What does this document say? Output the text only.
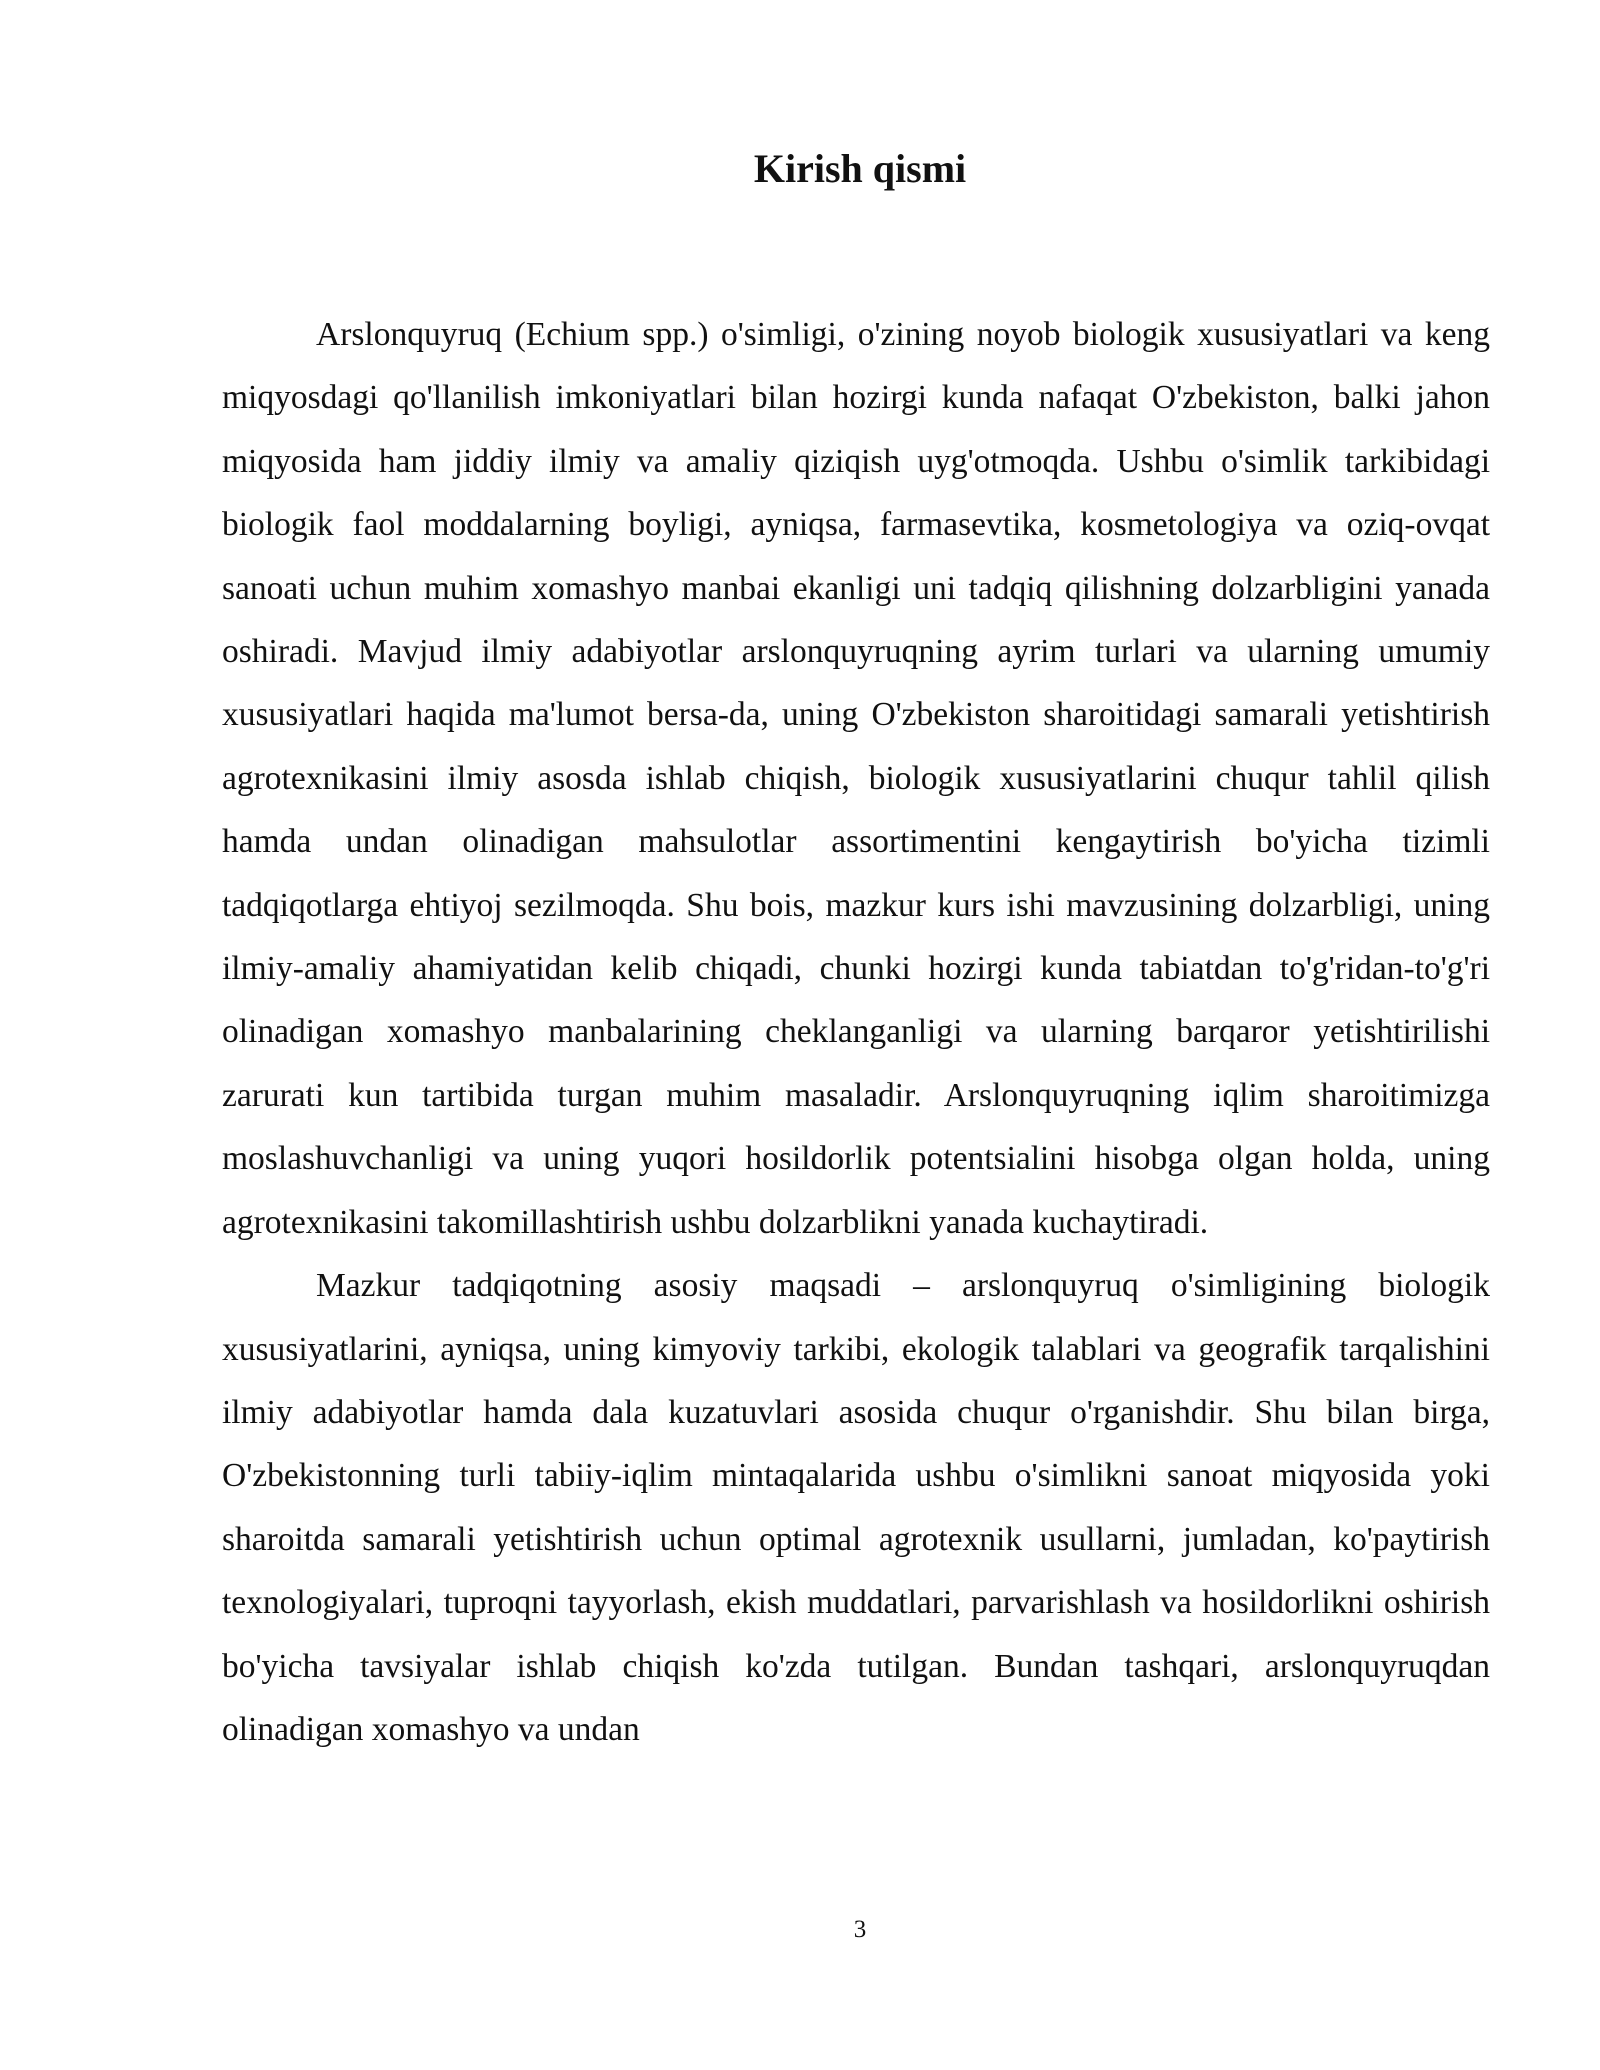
Kirish qismi

Arslonquyruq (Echium spp.) o'simligi, o'zining noyob biologik xususiyatlari va keng miqyosdagi qo'llanilish imkoniyatlari bilan hozirgi kunda nafaqat O'zbekiston, balki jahon miqyosida ham jiddiy ilmiy va amaliy qiziqish uyg'otmoqda. Ushbu o'simlik tarkibidagi biologik faol moddalarning boyligi, ayniqsa, farmasevtika, kosmetologiya va oziq-ovqat sanoati uchun muhim xomashyo manbai ekanligi uni tadqiq qilishning dolzarbligini yanada oshiradi. Mavjud ilmiy adabiyotlar arslonquyruqning ayrim turlari va ularning umumiy xususiyatlari haqida ma'lumot bersa-da, uning O'zbekiston sharoitidagi samarali yetishtirish agrotexnikasini ilmiy asosda ishlab chiqish, biologik xususiyatlarini chuqur tahlil qilish hamda undan olinadigan mahsulotlar assortimentini kengaytirish bo'yicha tizimli tadqiqotlarga ehtiyoj sezilmoqda. Shu bois, mazkur kurs ishi mavzusining dolzarbligi, uning ilmiy-amaliy ahamiyatidan kelib chiqadi, chunki hozirgi kunda tabiatdan to'g'ridan-to'g'ri olinadigan xomashyo manbalarining cheklanganligi va ularning barqaror yetishtirilishi zarurati kun tartibida turgan muhim masaladir. Arslonquyruqning iqlim sharoitimizga moslashuvchanligi va uning yuqori hosildorlik potentsialini hisobga olgan holda, uning agrotexnikasini takomillashtirish ushbu dolzarblikni yanada kuchaytiradi.

Mazkur tadqiqotning asosiy maqsadi – arslonquyruq o'simligining biologik xususiyatlarini, ayniqsa, uning kimyoviy tarkibi, ekologik talablari va geografik tarqalishini ilmiy adabiyotlar hamda dala kuzatuvlari asosida chuqur o'rganishdir. Shu bilan birga, O'zbekistonning turli tabiiy-iqlim mintaqalarida ushbu o'simlikni sanoat miqyosida yoki sharoitda samarali yetishtirish uchun optimal agrotexnik usullarni, jumladan, ko'paytirish texnologiyalari, tuproqni tayyorlash, ekish muddatlari, parvarishlash va hosildorlikni oshirish bo'yicha tavsiyalar ishlab chiqish ko'zda tutilgan. Bundan tashqari, arslonquyruqdan olinadigan xomashyo va undan

3
